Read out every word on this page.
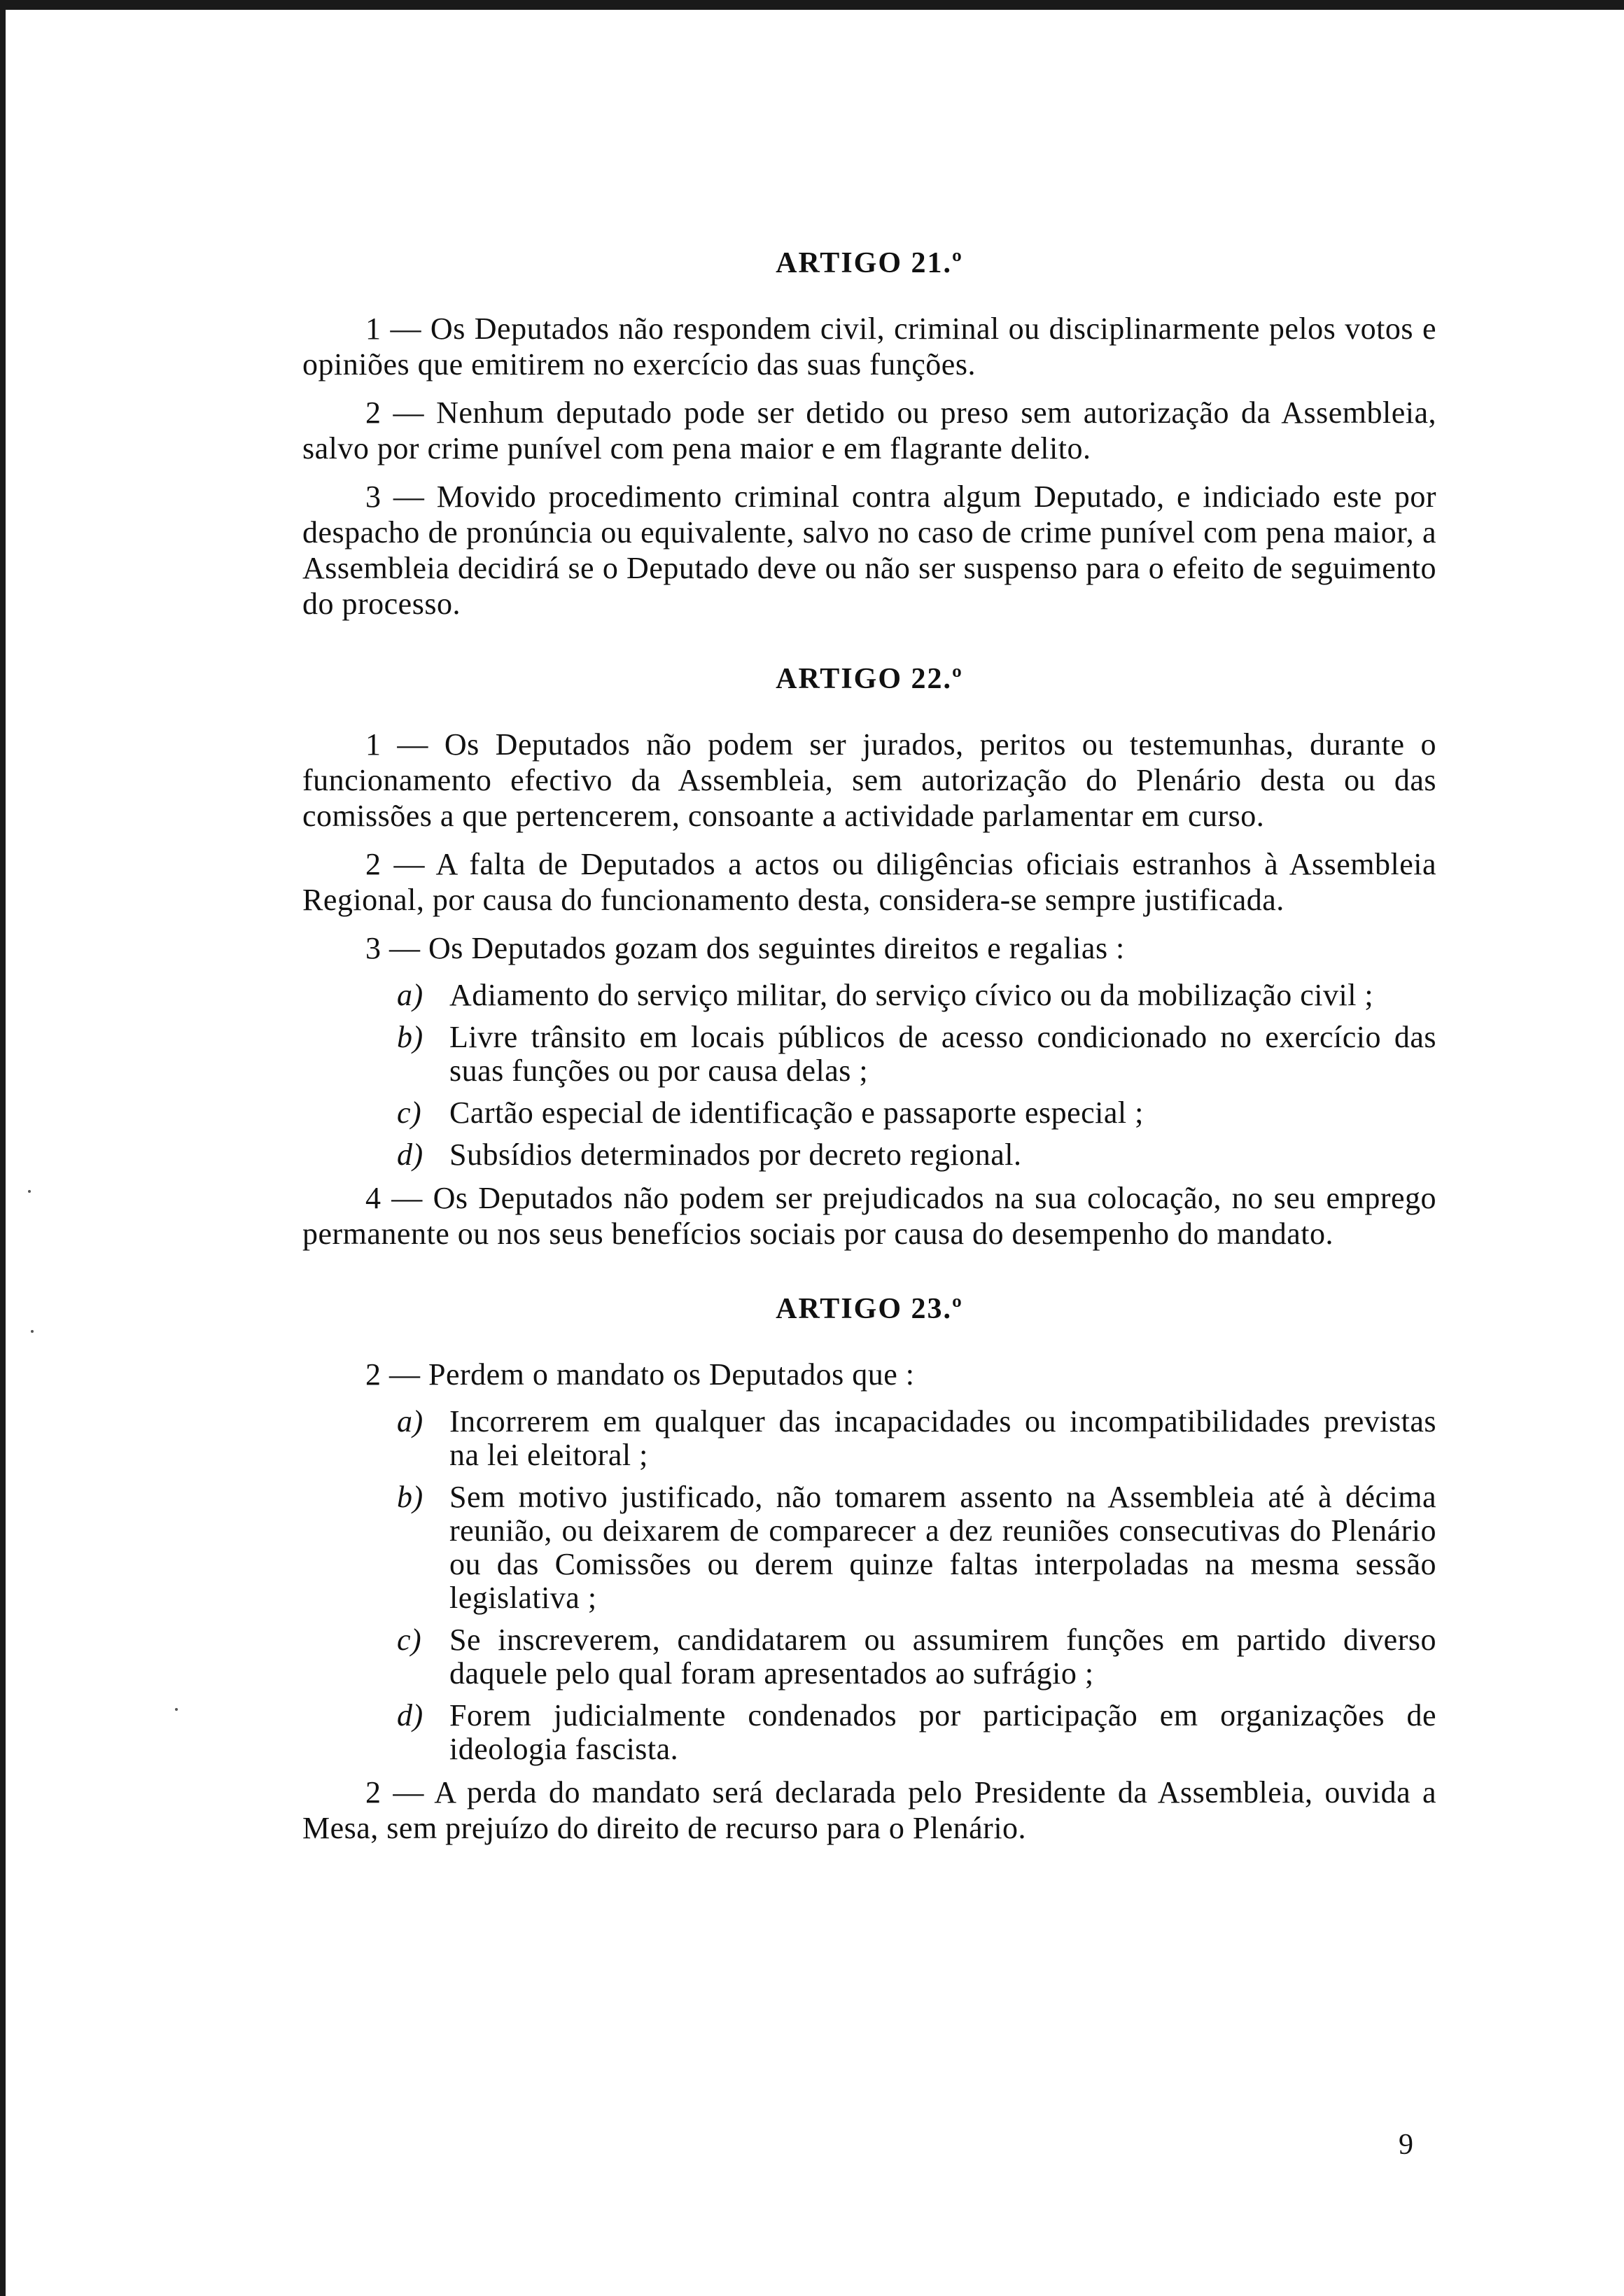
ARTIGO 21.º

1 — Os Deputados não respondem civil, criminal ou disciplinarmente pelos votos e opiniões que emitirem no exercício das suas funções.

2 — Nenhum deputado pode ser detido ou preso sem autorização da Assembleia, salvo por crime punível com pena maior e em flagrante delito.

3 — Movido procedimento criminal contra algum Deputado, e indiciado este por despacho de pronúncia ou equivalente, salvo no caso de crime punível com pena maior, a Assembleia decidirá se o Deputado deve ou não ser suspenso para o efeito de seguimento do processo.

ARTIGO 22.º

1 — Os Deputados não podem ser jurados, peritos ou testemunhas, durante o funcionamento efectivo da Assembleia, sem autorização do Plenário desta ou das comissões a que pertencerem, consoante a actividade parlamentar em curso.

2 — A falta de Deputados a actos ou diligências oficiais estranhos à Assembleia Regional, por causa do funcionamento desta, considera-se sempre justificada.

3 — Os Deputados gozam dos seguintes direitos e regalias :

a) Adiamento do serviço militar, do serviço cívico ou da mobilização civil ;
b) Livre trânsito em locais públicos de acesso condicionado no exercício das suas funções ou por causa delas ;
c) Cartão especial de identificação e passaporte especial ;
d) Subsídios determinados por decreto regional.

4 — Os Deputados não podem ser prejudicados na sua colocação, no seu emprego permanente ou nos seus benefícios sociais por causa do desempenho do mandato.

ARTIGO 23.º

2 — Perdem o mandato os Deputados que :

a) Incorrerem em qualquer das incapacidades ou incompatibilidades previstas na lei eleitoral ;
b) Sem motivo justificado, não tomarem assento na Assembleia até à décima reunião, ou deixarem de comparecer a dez reuniões consecutivas do Plenário ou das Comissões ou derem quinze faltas interpoladas na mesma sessão legislativa ;
c) Se inscreverem, candidatarem ou assumirem funções em partido diverso daquele pelo qual foram apresentados ao sufrágio ;
d) Forem judicialmente condenados por participação em organizações de ideologia fascista.

2 — A perda do mandato será declarada pelo Presidente da Assembleia, ouvida a Mesa, sem prejuízo do direito de recurso para o Plenário.

9
